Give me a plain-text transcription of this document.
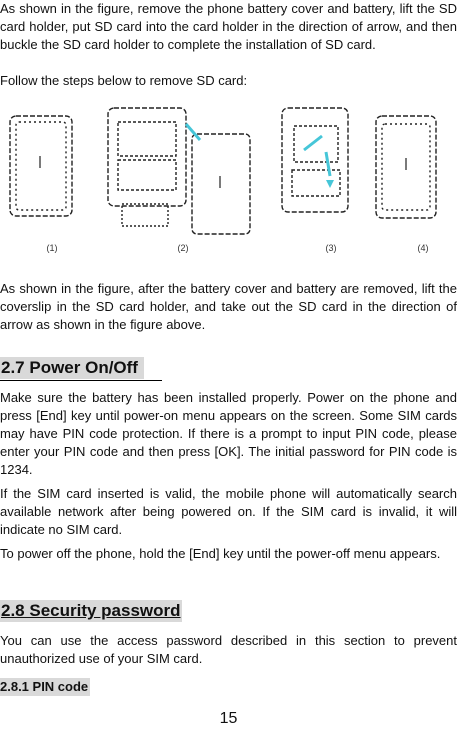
As shown in the figure, remove the phone battery cover and battery, lift the SD card holder, put SD card into the card holder in the direction of arrow, and then buckle the SD card holder to complete the installation of SD card.

Follow the steps below to remove SD card:

(1)	(2)	(3)	(4)

As shown in the figure, after the battery cover and battery are removed, lift the coverslip in the SD card holder, and take out the SD card in the direction of arrow as shown in the figure above.

2.7 Power On/Off

Make sure the battery has been installed properly. Power on the phone and press [End] key until power-on menu appears on the screen. Some SIM cards may have PIN code protection. If there is a prompt to input PIN code, please enter your PIN code and then press [OK]. The initial password for PIN code is 1234.

If the SIM card inserted is valid, the mobile phone will automatically search available network after being powered on. If the SIM card is invalid, it will indicate no SIM card.

To power off the phone, hold the [End] key until the power-off menu appears.

2.8 Security password

You can use the access password described in this section to prevent unauthorized use of your SIM card.

2.8.1 PIN code
15
